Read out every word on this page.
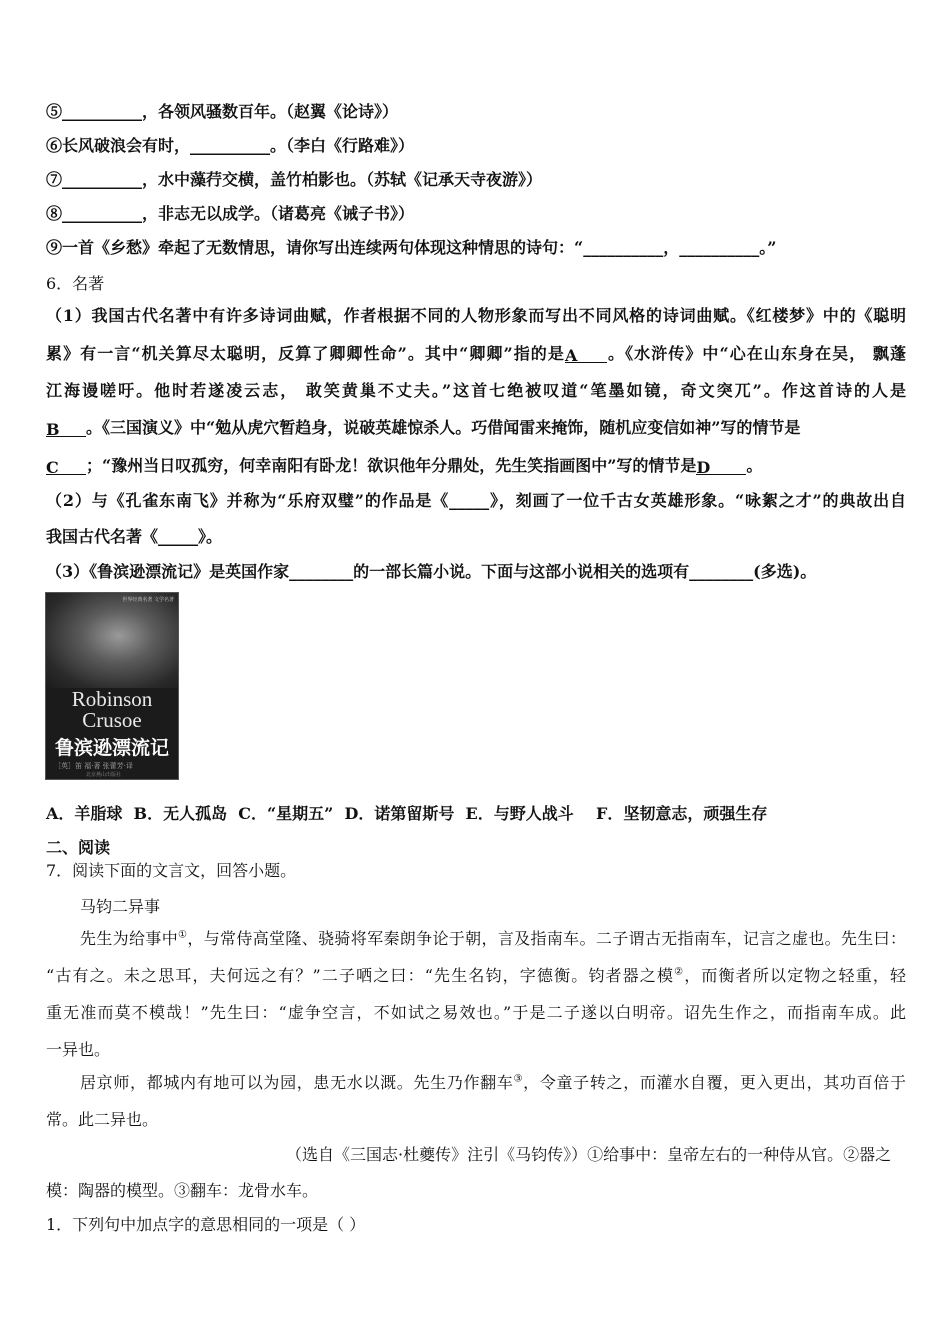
⑤__________，各领风骚数百年。（赵翼《论诗》）
⑥长风破浪会有时，__________。（李白《行路难》）
⑦__________，水中藻荇交横，盖竹柏影也。（苏轼《记承天寺夜游》）
⑧__________，非志无以成学。（诸葛亮《诫子书》）
⑨一首《乡愁》牵起了无数情思，请你写出连续两句体现这种情思的诗句：“__________，__________。”
6．名著
（1）我国古代名著中有许多诗词曲赋，作者根据不同的人物形象而写出不同风格的诗词曲赋。《红楼梦》中的《聪明
累》有一言“机关算尽太聪明，反算了卿卿性命”。其中“卿卿”指的是A 。《水浒传》中“心在山东身在吴， 飘蓬
江海谩嗟吁。他时若遂凌云志， 敢笑黄巢不丈夫。”这首七绝被叹道“笔墨如镜，奇文突兀”。作这首诗的人是
B 。《三国演义》中“勉从虎穴暂趋身，说破英雄惊杀人。巧借闻雷来掩饰，随机应变信如神”写的情节是
C ；“豫州当日叹孤穷，何幸南阳有卧龙！欲识他年分鼎处，先生笑指画图中”写的情节是D 。
（2）与《孔雀东南飞》并称为“乐府双璧”的作品是《_____》，刻画了一位千古女英雄形象。“咏絮之才”的典故出自
我国古代名著《_____》。
（3）《鲁滨逊漂流记》是英国作家________的一部长篇小说。下面与这部小说相关的选项有________(多选)。
世界经典名著 文学名著
Robinson
Crusoe
鲁滨逊漂流记
［英］笛 福·著 张蕾芳·译
北京燕山出版社
A．羊脂球  B．无人孤岛  C．“星期五”  D．诺第留斯号  E．与野人战斗    F．坚韧意志，顽强生存
二、阅读
7．阅读下面的文言文，回答小题。
马钧二异事
先生为给事中①，与常侍高堂隆、骁骑将军秦朗争论于朝，言及指南车。二子谓古无指南车，记言之虚也。先生曰：
“古有之。未之思耳，夫何远之有？”二子哂之曰：“先生名钧，字德衡。钧者器之模②，而衡者所以定物之轻重，轻
重无准而莫不模哉！”先生曰：“虚争空言，不如试之易效也。”于是二子遂以白明帝。诏先生作之，而指南车成。此
一异也。
居京师，都城内有地可以为园，患无水以溉。先生乃作翻车③，令童子转之，而灌水自覆，更入更出，其功百倍于
常。此二异也。
（选自《三国志·杜夔传》注引《马钧传》）①给事中：皇帝左右的一种侍从官。②器之
模：陶器的模型。③翻车：龙骨水车。
1．下列句中加点字的意思相同的一项是（ ）
